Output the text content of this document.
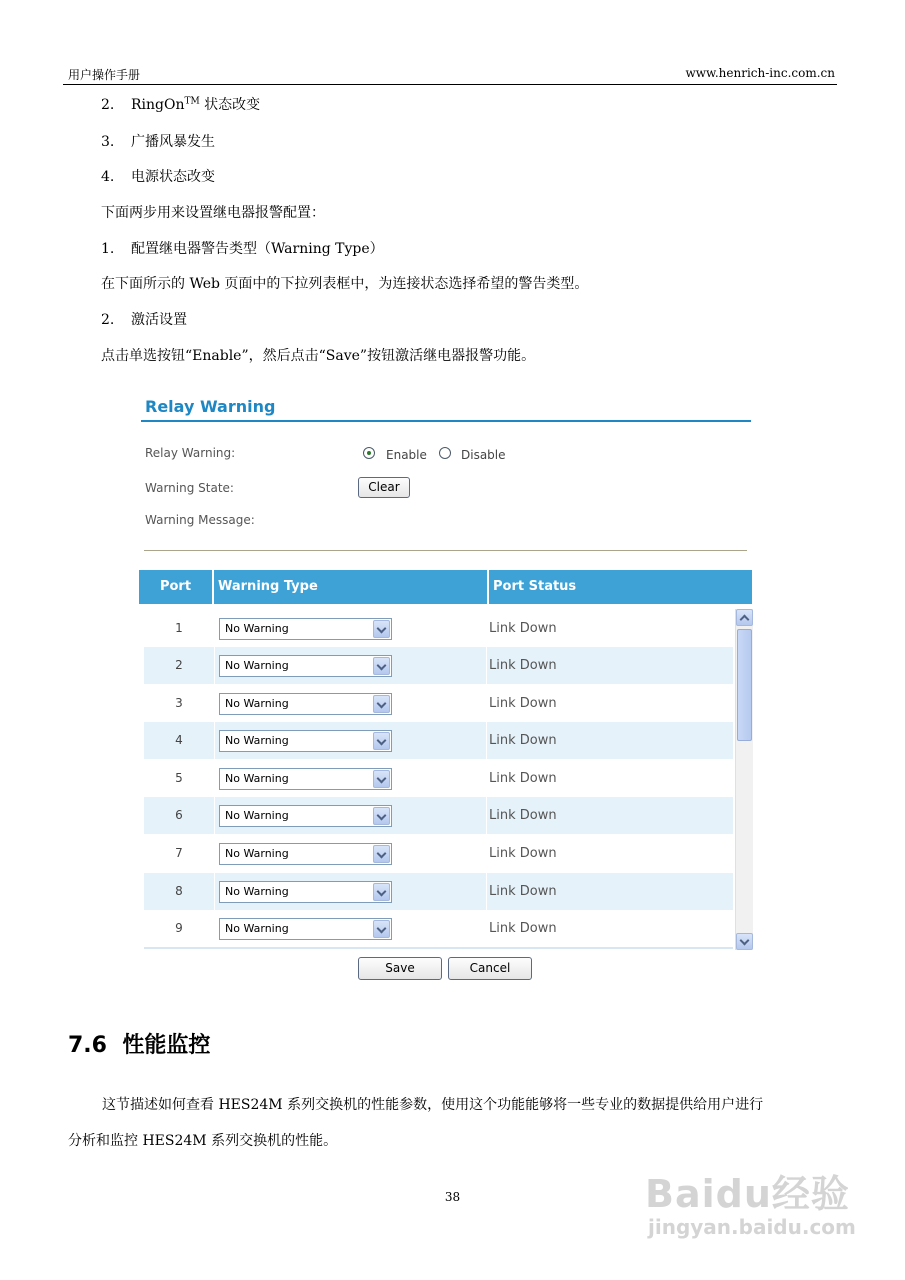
用户操作手册	www.henrich-inc.com.cn
2. RingOn™ 状态改变
3. 广播风暴发生
4. 电源状态改变
下面两步用来设置继电器报警配置：
1. 配置继电器警告类型（Warning Type）
在下面所示的 Web 页面中的下拉列表框中，为连接状态选择希望的警告类型。
2. 激活设置
点击单选按钮“Enable”，然后点击“Save”按钮激活继电器报警功能。
Relay Warning
Relay Warning:	Enable	Disable
Warning State:	Clear
Warning Message:
Port	Warning Type	Port Status
1	No Warning	Link Down
2	No Warning	Link Down
3	No Warning	Link Down
4	No Warning	Link Down
5	No Warning	Link Down
6	No Warning	Link Down
7	No Warning	Link Down
8	No Warning	Link Down
9	No Warning	Link Down
Save	Cancel
7.6 性能监控
这节描述如何查看 HES24M 系列交换机的性能参数，使用这个功能能够将一些专业的数据提供给用户进行
分析和监控 HES24M 系列交换机的性能。
38	Baidu经验
jingyan.baidu.com
